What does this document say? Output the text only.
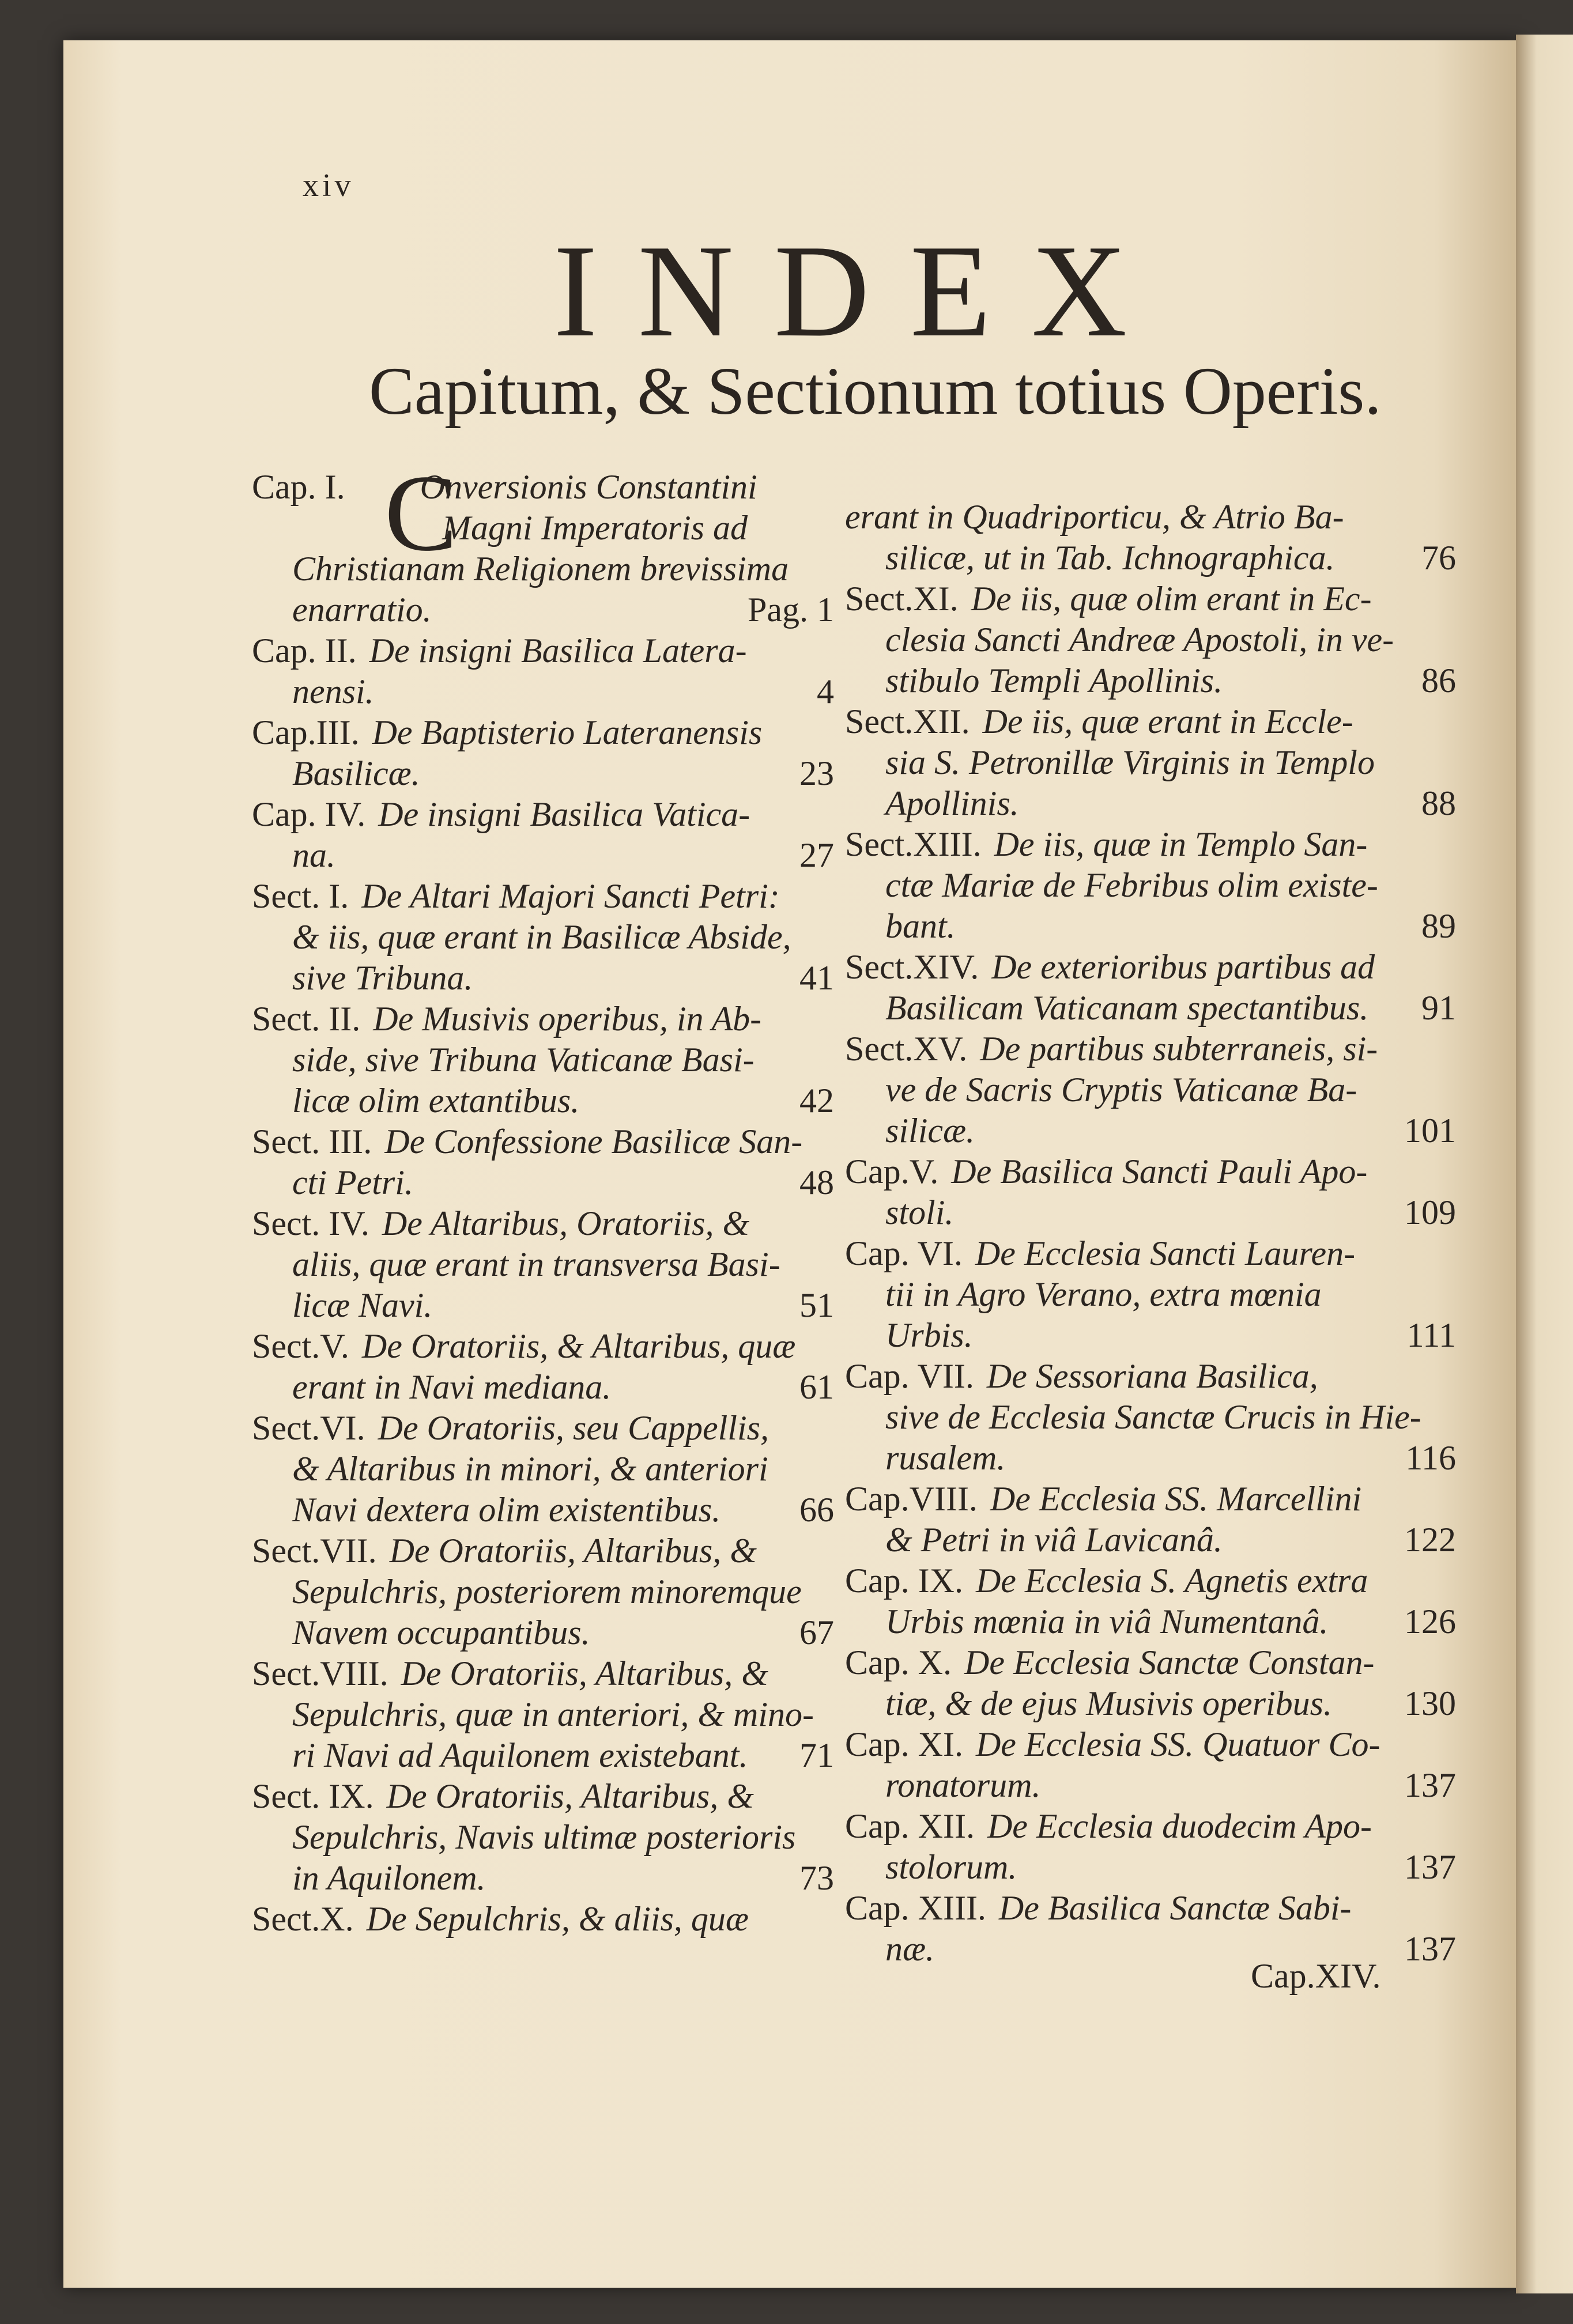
xiv
INDEX
Capitum, & Sectionum totius Operis.
Cap. I. Onversionis Constantini
Magni Imperatoris ad
Christianam Religionem brevissima
enarratio.	Pag. 1
C
Cap. II. De insigni Basilica Latera-
nensi.	4
Cap.III. De Baptisterio Lateranensis
Basilicæ.	23
Cap. IV. De insigni Basilica Vatica-
na.	27
Sect. I. De Altari Majori Sancti Petri:
& iis, quæ erant in Basilicæ Abside,
sive Tribuna.	41
Sect. II. De Musivis operibus, in Ab-
side, sive Tribuna Vaticanæ Basi-
licæ olim extantibus.	42
Sect. III. De Confessione Basilicæ San-
cti Petri.	48
Sect. IV. De Altaribus, Oratoriis, &
aliis, quæ erant in transversa Basi-
licæ Navi.	51
Sect.V. De Oratoriis, & Altaribus, quæ
erant in Navi mediana.	61
Sect.VI. De Oratoriis, seu Cappellis,
& Altaribus in minori, & anteriori
Navi dextera olim existentibus. 66
Sect.VII. De Oratoriis, Altaribus, &
Sepulchris, posteriorem minoremque
Navem occupantibus.	67
Sect.VIII. De Oratoriis, Altaribus, &
Sepulchris, quæ in anteriori, & mino-
ri Navi ad Aquilonem existebant. 71
Sect. IX. De Oratoriis, Altaribus, &
Sepulchris, Navis ultimæ posterioris
in Aquilonem.	73
Sect.X. De Sepulchris, & aliis, quæ
erant in Quadriporticu, & Atrio Ba-
silicæ, ut in Tab. Ichnographica.	76
Sect.XI. De iis, quæ olim erant in Ec-
clesia Sancti Andreæ Apostoli, in ve-
stibulo Templi Apollinis.	86
Sect.XII. De iis, quæ erant in Eccle-
sia S. Petronillæ Virginis in Templo
Apollinis.	88
Sect.XIII. De iis, quæ in Templo San-
ctæ Mariæ de Febribus olim existe-
bant.	89
Sect.XIV. De exterioribus partibus ad
Basilicam Vaticanam spectantibus. 91
Sect.XV. De partibus subterraneis, si-
ve de Sacris Cryptis Vaticanæ Ba-
silicæ.	101
Cap.V. De Basilica Sancti Pauli Apo-
stoli.	109
Cap. VI. De Ecclesia Sancti Lauren-
tii in Agro Verano, extra mœnia
Urbis.	111
Cap. VII. De Sessoriana Basilica,
sive de Ecclesia Sanctæ Crucis in Hie-
rusalem.	116
Cap.VIII. De Ecclesia SS. Marcellini
& Petri in viâ Lavicanâ.	122
Cap. IX. De Ecclesia S. Agnetis extra
Urbis mœnia in viâ Numentanâ. 126
Cap. X. De Ecclesia Sanctæ Constan-
tiæ, & de ejus Musivis operibus. 130
Cap. XI. De Ecclesia SS. Quatuor Co-
ronatorum.	137
Cap. XII. De Ecclesia duodecim Apo-
stolorum.	137
Cap. XIII. De Basilica Sanctæ Sabi-
næ.	137
Cap.XIV.
